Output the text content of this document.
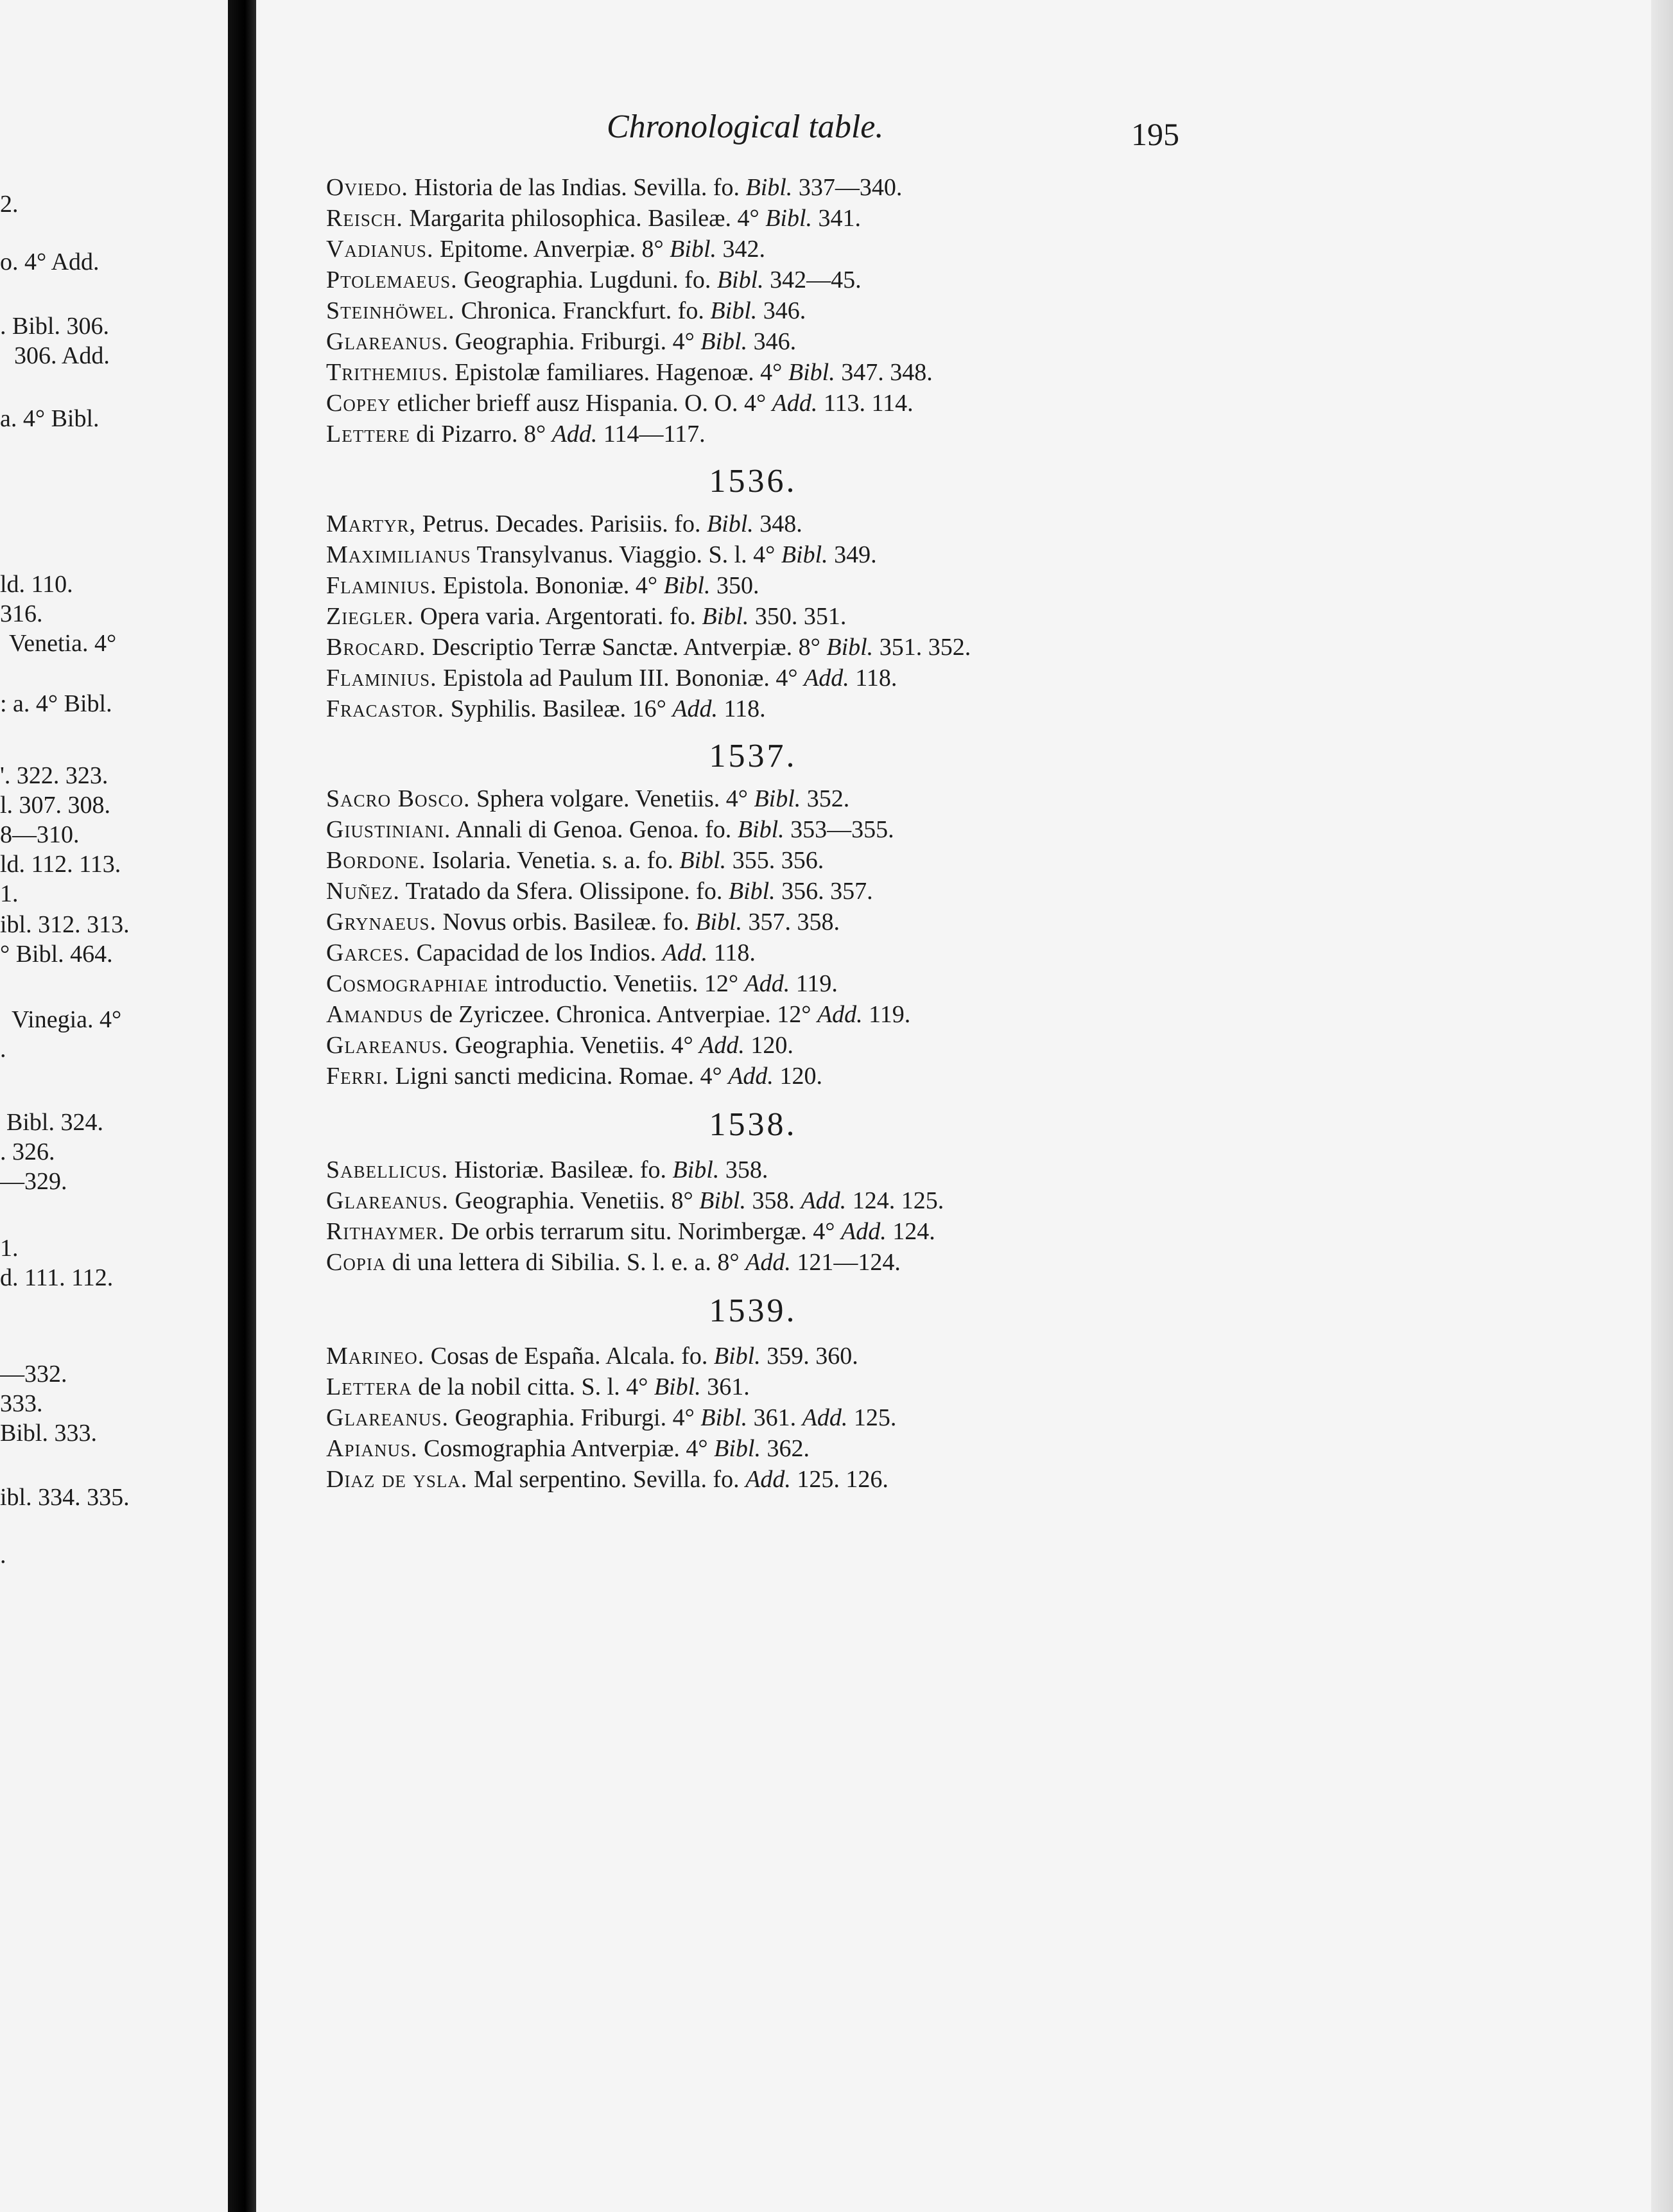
2.
o. 4° Add.
. Bibl. 306.
306. Add.
a. 4° Bibl.
ld. 110.
316.
Venetia. 4°
: a. 4° Bibl.
'. 322. 323.
l. 307. 308.
8—310.
ld. 112. 113.
1.
ibl. 312. 313.
° Bibl. 464.
Vinegia. 4°
.
Bibl. 324.
. 326.
—329.
1.
d. 111. 112.
—332.
333.
Bibl. 333.
ibl. 334. 335.
.
Chronological table.	195
Oviedo. Historia de las Indias. Sevilla. fo. Bibl. 337—340.
Reisch. Margarita philosophica. Basileæ. 4° Bibl. 341.
Vadianus. Epitome. Anverpiæ. 8° Bibl. 342.
Ptolemaeus. Geographia. Lugduni. fo. Bibl. 342—45.
Steinhöwel. Chronica. Franckfurt. fo. Bibl. 346.
Glareanus. Geographia. Friburgi. 4° Bibl. 346.
Trithemius. Epistolæ familiares. Hagenoæ. 4° Bibl. 347. 348.
Copey etlicher brieff ausz Hispania. O. O. 4° Add. 113. 114.
Lettere di Pizarro. 8° Add. 114—117.
1536.
Martyr, Petrus. Decades. Parisiis. fo. Bibl. 348.
Maximilianus Transylvanus. Viaggio. S. l. 4° Bibl. 349.
Flaminius. Epistola. Bononiæ. 4° Bibl. 350.
Ziegler. Opera varia. Argentorati. fo. Bibl. 350. 351.
Brocard. Descriptio Terræ Sanctæ. Antverpiæ. 8° Bibl. 351. 352.
Flaminius. Epistola ad Paulum III. Bononiæ. 4° Add. 118.
Fracastor. Syphilis. Basileæ. 16° Add. 118.
1537.
Sacro Bosco. Sphera volgare. Venetiis. 4° Bibl. 352.
Giustiniani. Annali di Genoa. Genoa. fo. Bibl. 353—355.
Bordone. Isolaria. Venetia. s. a. fo. Bibl. 355. 356.
Nuñez. Tratado da Sfera. Olissipone. fo. Bibl. 356. 357.
Grynaeus. Novus orbis. Basileæ. fo. Bibl. 357. 358.
Garces. Capacidad de los Indios. Add. 118.
Cosmographiae introductio. Venetiis. 12° Add. 119.
Amandus de Zyriczee. Chronica. Antverpiae. 12° Add. 119.
Glareanus. Geographia. Venetiis. 4° Add. 120.
Ferri. Ligni sancti medicina. Romae. 4° Add. 120.
1538.
Sabellicus. Historiæ. Basileæ. fo. Bibl. 358.
Glareanus. Geographia. Venetiis. 8° Bibl. 358. Add. 124. 125.
Rithaymer. De orbis terrarum situ. Norimbergæ. 4° Add. 124.
Copia di una lettera di Sibilia. S. l. e. a. 8° Add. 121—124.
1539.
Marineo. Cosas de España. Alcala. fo. Bibl. 359. 360.
Lettera de la nobil citta. S. l. 4° Bibl. 361.
Glareanus. Geographia. Friburgi. 4° Bibl. 361. Add. 125.
Apianus. Cosmographia Antverpiæ. 4° Bibl. 362.
Diaz de ysla. Mal serpentino. Sevilla. fo. Add. 125. 126.
